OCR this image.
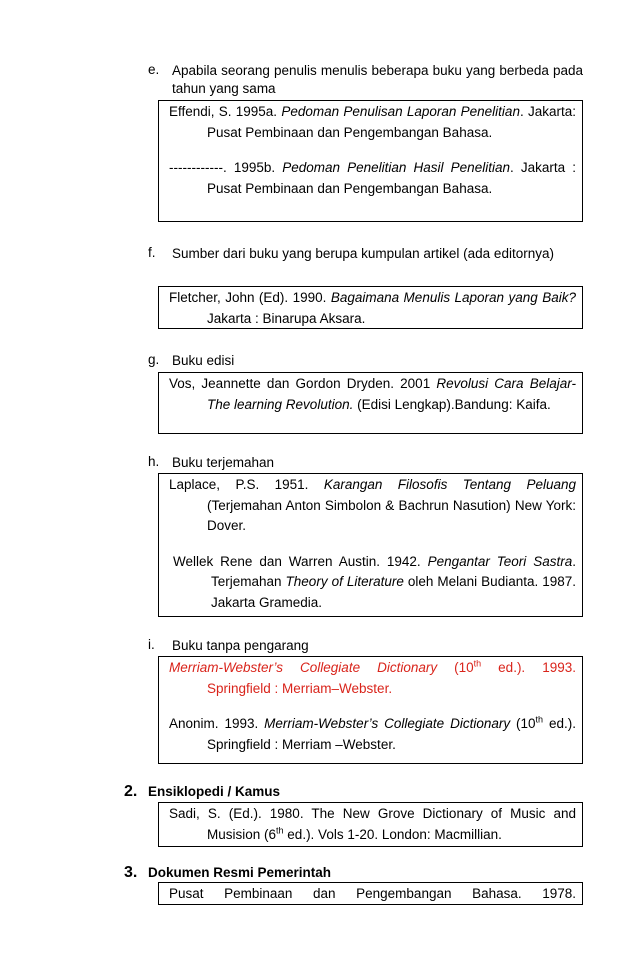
e. Apabila seorang penulis menulis beberapa buku yang berbeda pada tahun yang sama
Effendi, S. 1995a. Pedoman Penulisan Laporan Penelitian. Jakarta: Pusat Pembinaan dan Pengembangan Bahasa.
------------. 1995b. Pedoman Penelitian Hasil Penelitian. Jakarta : Pusat Pembinaan dan Pengembangan Bahasa.
f. Sumber dari buku yang berupa kumpulan artikel (ada editornya)
Fletcher, John (Ed). 1990. Bagaimana Menulis Laporan yang Baik? Jakarta : Binarupa Aksara.
g. Buku edisi
Vos, Jeannette dan Gordon Dryden. 2001 Revolusi Cara Belajar- The learning Revolution. (Edisi Lengkap).Bandung: Kaifa.
h. Buku terjemahan
Laplace, P.S. 1951. Karangan Filosofis Tentang Peluang (Terjemahan Anton Simbolon & Bachrun Nasution) New York: Dover.
Wellek Rene dan Warren Austin. 1942. Pengantar Teori Sastra. Terjemahan Theory of Literature oleh Melani Budianta. 1987. Jakarta Gramedia.
i. Buku tanpa pengarang
Merriam-Webster’s Collegiate Dictionary (10th ed.). 1993. Springfield : Merriam–Webster.
Anonim. 1993. Merriam-Webster’s Collegiate Dictionary (10th ed.). Springfield : Merriam –Webster.
2. Ensiklopedi / Kamus
Sadi, S. (Ed.). 1980. The New Grove Dictionary of Music and Musision (6th ed.). Vols 1-20. London: Macmillian.
3. Dokumen Resmi Pemerintah
Pusat Pembinaan dan Pengembangan Bahasa. 1978.
